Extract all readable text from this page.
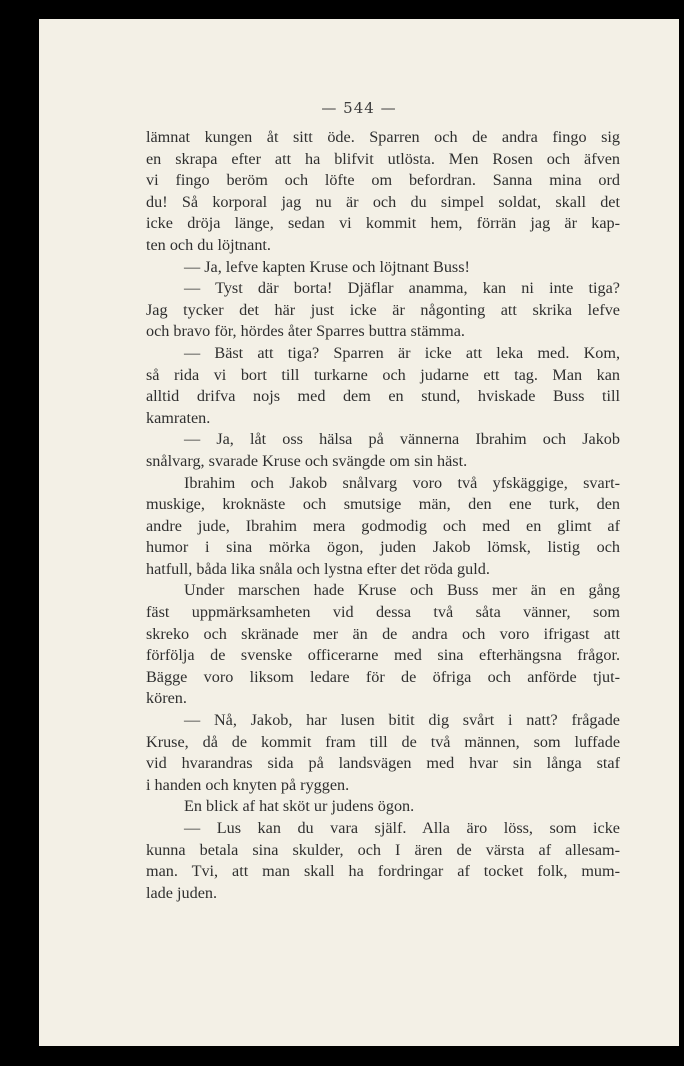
— 544 —
lämnat kungen åt sitt öde. Sparren och de andra fingo sig
en skrapa efter att ha blifvit utlösta. Men Rosen och äfven
vi fingo beröm och löfte om befordran. Sanna mina ord
du! Så korporal jag nu är och du simpel soldat, skall det
icke dröja länge, sedan vi kommit hem, förrän jag är kap-
ten och du löjtnant.
— Ja, lefve kapten Kruse och löjtnant Buss!
— Tyst där borta! Djäflar anamma, kan ni inte tiga?
Jag tycker det här just icke är någonting att skrika lefve
och bravo för, hördes åter Sparres buttra stämma.
— Bäst att tiga? Sparren är icke att leka med. Kom,
så rida vi bort till turkarne och judarne ett tag. Man kan
alltid drifva nojs med dem en stund, hviskade Buss till
kamraten.
— Ja, låt oss hälsa på vännerna Ibrahim och Jakob
snålvarg, svarade Kruse och svängde om sin häst.
Ibrahim och Jakob snålvarg voro två yfskäggige, svart-
muskige, kroknäste och smutsige män, den ene turk, den
andre jude, Ibrahim mera godmodig och med en glimt af
humor i sina mörka ögon, juden Jakob lömsk, listig och
hatfull, båda lika snåla och lystna efter det röda guld.
Under marschen hade Kruse och Buss mer än en gång
fäst uppmärksamheten vid dessa två såta vänner, som
skreko och skränade mer än de andra och voro ifrigast att
förfölja de svenske officerarne med sina efterhängsna frågor.
Bägge voro liksom ledare för de öfriga och anförde tjut-
kören.
— Nå, Jakob, har lusen bitit dig svårt i natt? frågade
Kruse, då de kommit fram till de två männen, som luffade
vid hvarandras sida på landsvägen med hvar sin långa staf
i handen och knyten på ryggen.
En blick af hat sköt ur judens ögon.
— Lus kan du vara själf. Alla äro löss, som icke
kunna betala sina skulder, och I ären de värsta af allesam-
man. Tvi, att man skall ha fordringar af tocket folk, mum-
lade juden.
